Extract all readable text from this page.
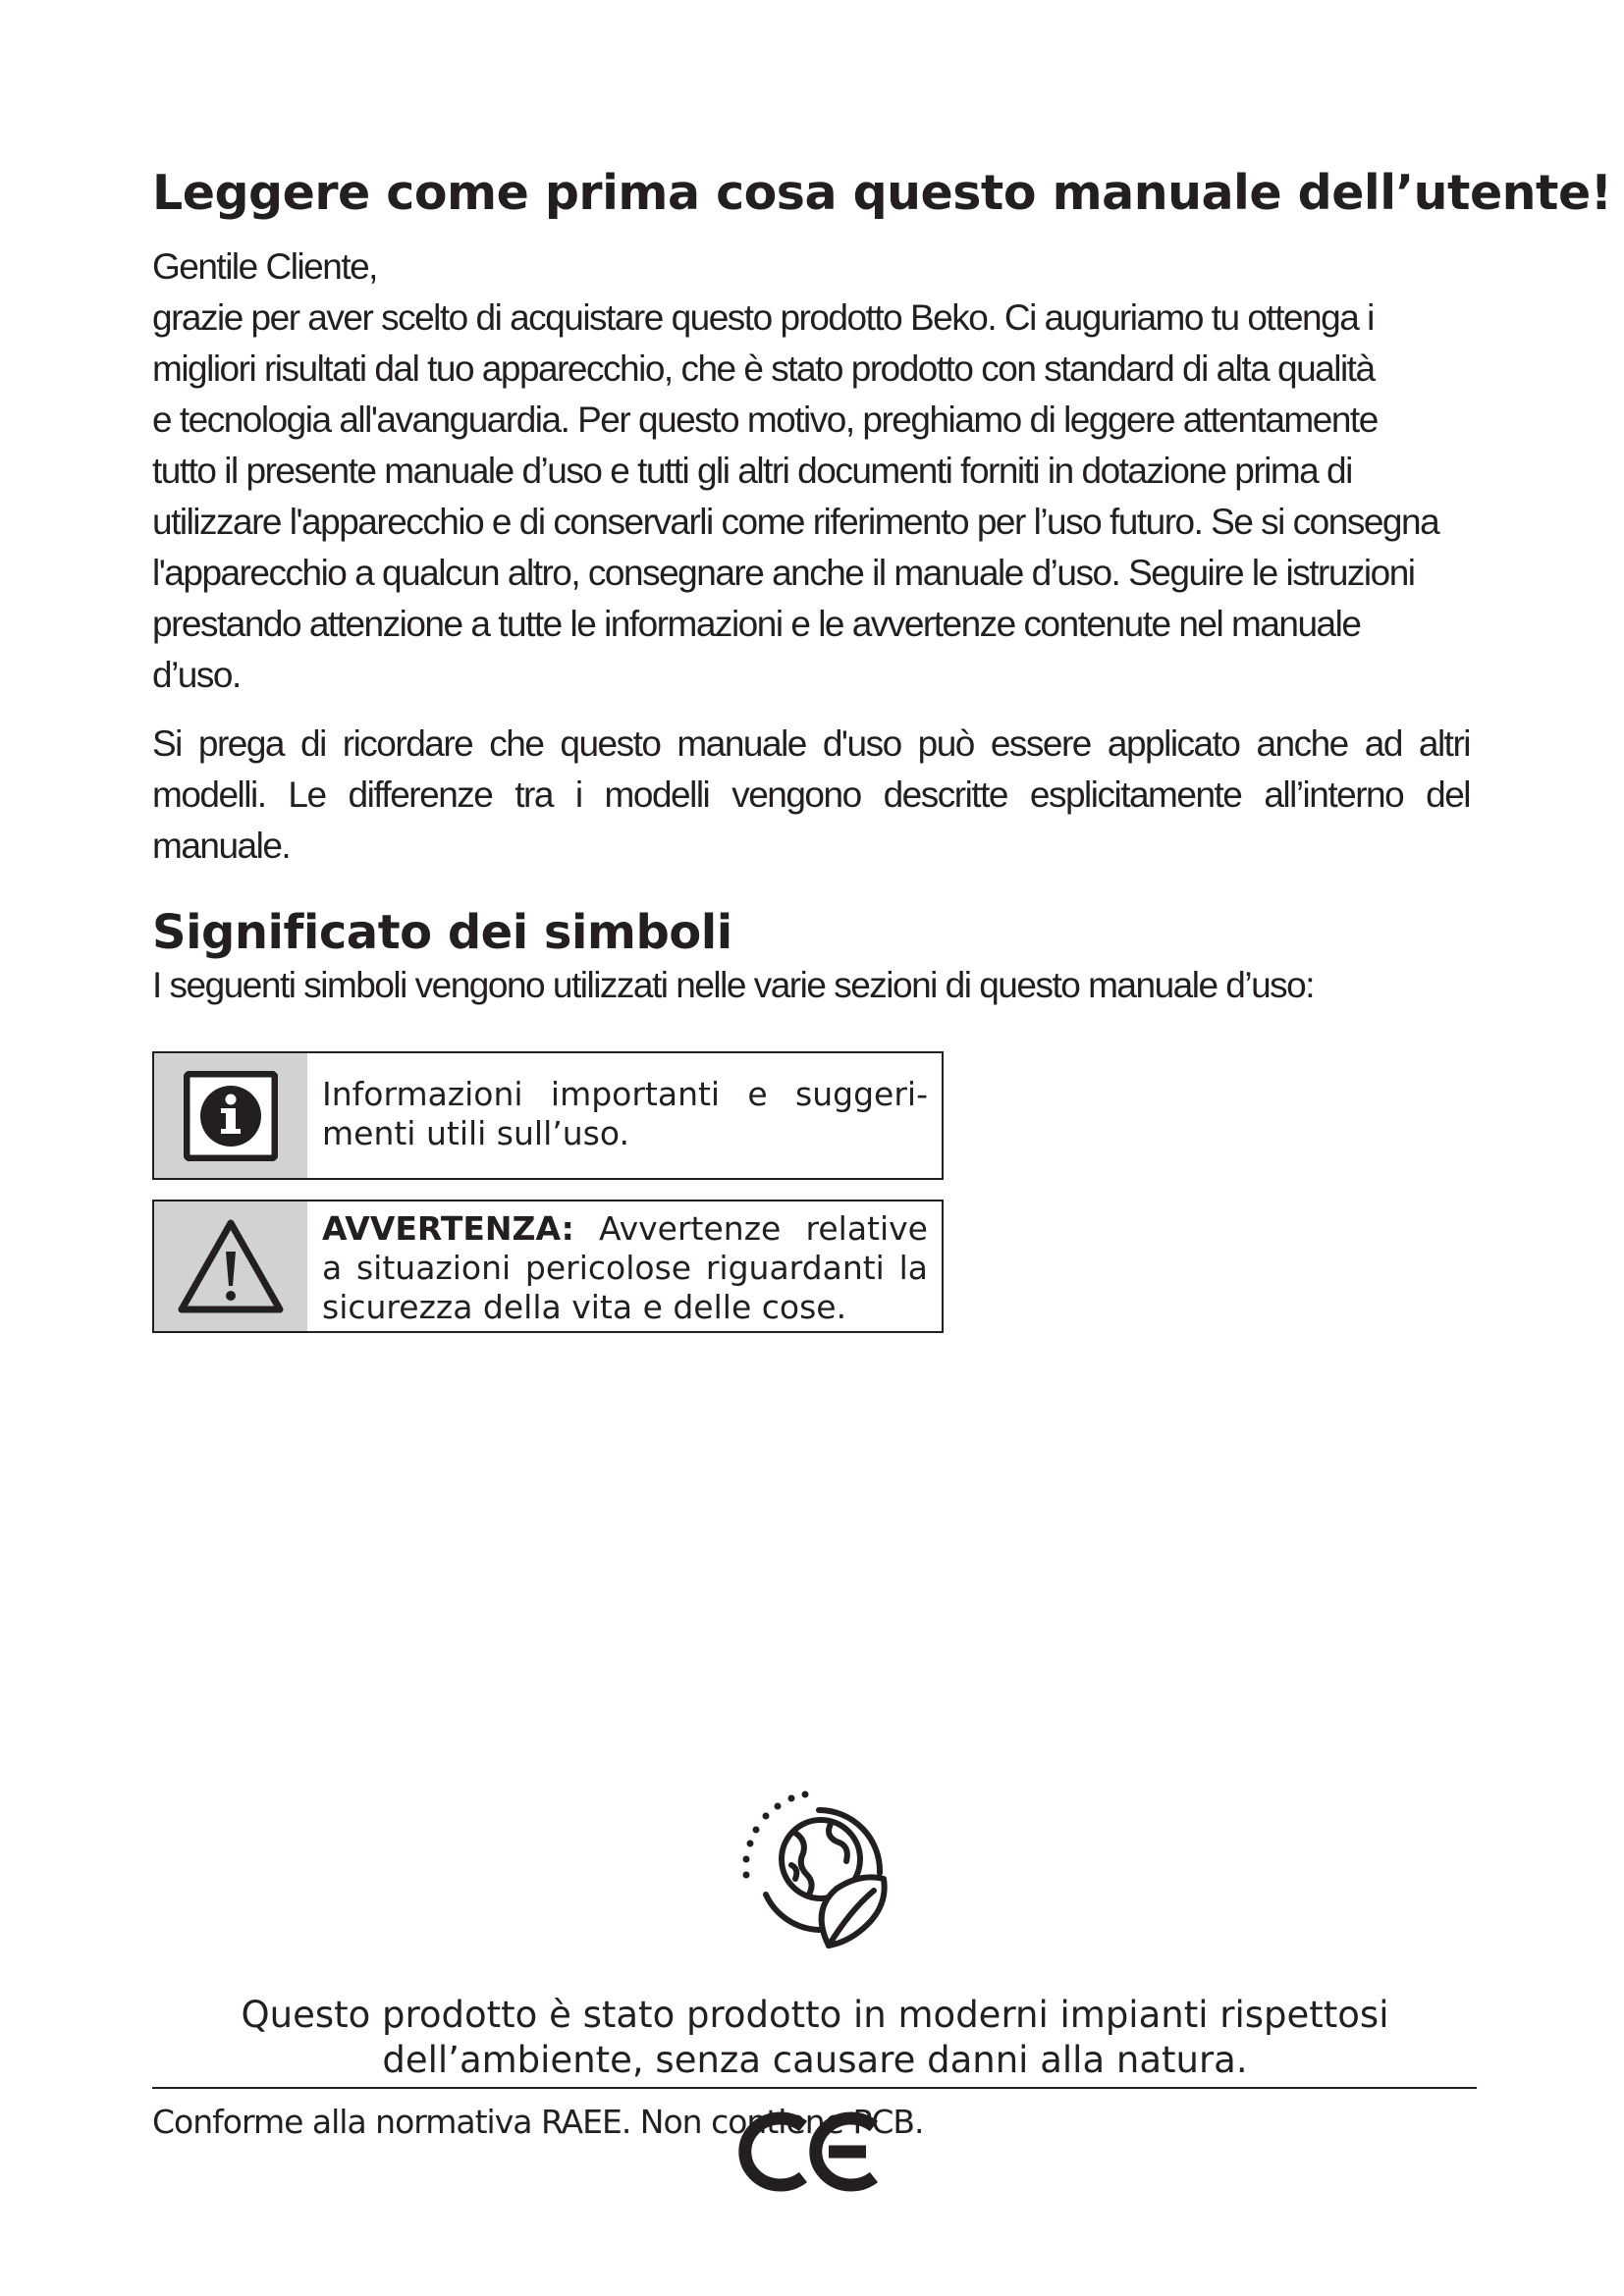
Leggere come prima cosa questo manuale dell’utente!
Gentile Cliente,
grazie per aver scelto di acquistare questo prodotto Beko. Ci auguriamo tu ottenga i
migliori risultati dal tuo apparecchio, che è stato prodotto con standard di alta qualità
e tecnologia all'avanguardia. Per questo motivo, preghiamo di leggere attentamente
tutto il presente manuale d’uso e tutti gli altri documenti forniti in dotazione prima di
utilizzare l'apparecchio e di conservarli come riferimento per l’uso futuro. Se si consegna
l'apparecchio a qualcun altro, consegnare anche il manuale d’uso. Seguire le istruzioni
prestando attenzione a tutte le informazioni e le avvertenze contenute nel manuale
d’uso.
Si prega di ricordare che questo manuale d'uso può essere applicato anche ad altri
modelli. Le differenze tra i modelli vengono descritte esplicitamente all’interno del
manuale.
Significato dei simboli
I seguenti simboli vengono utilizzati nelle varie sezioni di questo manuale d’uso:
Informazioni importanti e suggeri-
menti utili sull’uso.
AVVERTENZA: Avvertenze relative
a situazioni pericolose riguardanti la
sicurezza della vita e delle cose.
Questo prodotto è stato prodotto in moderni impianti rispettosi
dell’ambiente, senza causare danni alla natura.

Conforme alla normativa RAEE. Non contiene PCB.
